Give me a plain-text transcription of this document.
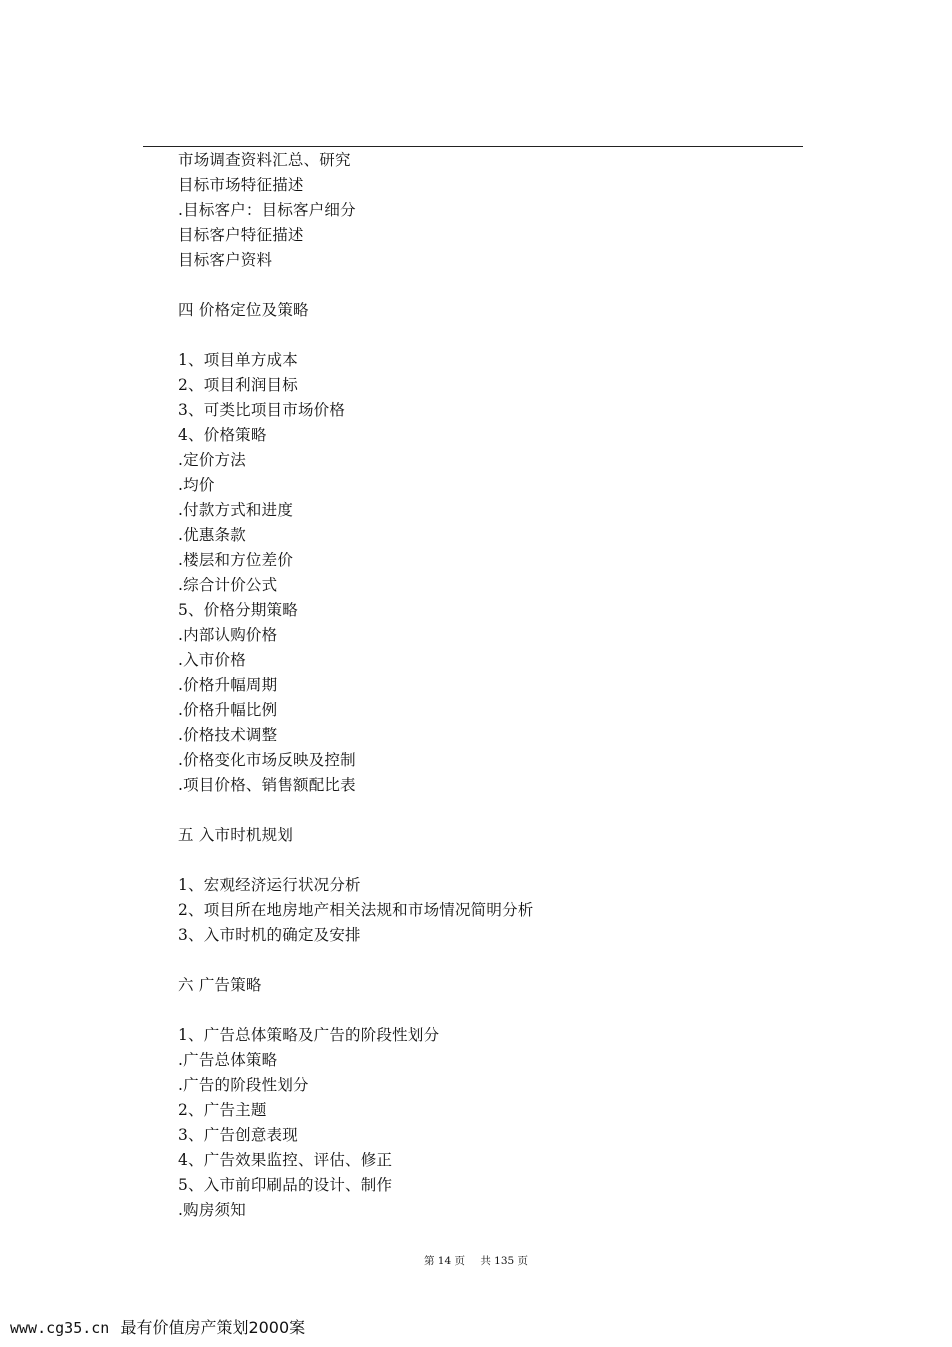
市场调查资料汇总、研究
目标市场特征描述
.目标客户：目标客户细分
目标客户特征描述
目标客户资料
四 价格定位及策略
1、项目单方成本
2、项目利润目标
3、可类比项目市场价格
4、价格策略
.定价方法
.均价
.付款方式和进度
.优惠条款
.楼层和方位差价
.综合计价公式
5、价格分期策略
.内部认购价格
.入市价格
.价格升幅周期
.价格升幅比例
.价格技术调整
.价格变化市场反映及控制
.项目价格、销售额配比表
五 入市时机规划
1、宏观经济运行状况分析
2、项目所在地房地产相关法规和市场情况简明分析
3、入市时机的确定及安排
六 广告策略
1、广告总体策略及广告的阶段性划分
.广告总体策略
.广告的阶段性划分
2、广告主题
3、广告创意表现
4、广告效果监控、评估、修正
5、入市前印刷品的设计、制作
.购房须知
第 14 页 共 135 页
www.cg35.cn 最有价值房产策划2000案
